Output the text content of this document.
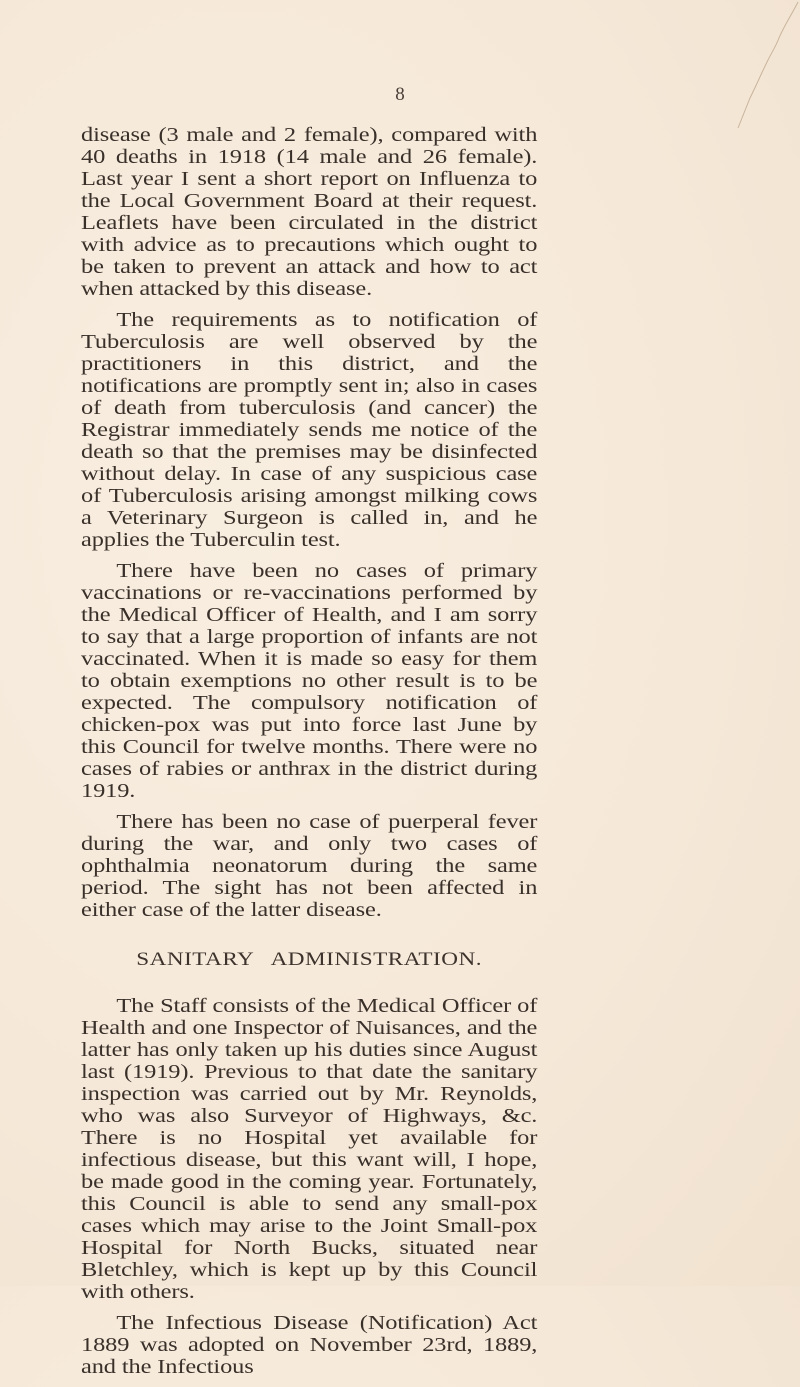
8

disease (3 male and 2 female), compared with 40 deaths in 1918 (14 male and 26 female). Last year I sent a short report on Influenza to the Local Government Board at their request. Leaflets have been circulated in the district with advice as to precautions which ought to be taken to prevent an attack and how to act when attacked by this disease.

The requirements as to notification of Tuberculosis are well observed by the practitioners in this district, and the notifications are promptly sent in; also in cases of death from tuberculosis (and cancer) the Registrar immediately sends me notice of the death so that the premises may be disinfected without delay. In case of any suspicious case of Tuberculosis arising amongst milking cows a Veterinary Surgeon is called in, and he applies the Tuberculin test.

There have been no cases of primary vaccinations or re-vaccinations performed by the Medical Officer of Health, and I am sorry to say that a large proportion of infants are not vaccinated. When it is made so easy for them to obtain exemptions no other result is to be expected. The compulsory notification of chicken-pox was put into force last June by this Council for twelve months. There were no cases of rabies or anthrax in the district during 1919.

There has been no case of puerperal fever during the war, and only two cases of ophthalmia neonatorum during the same period. The sight has not been affected in either case of the latter disease.

SANITARY ADMINISTRATION.

The Staff consists of the Medical Officer of Health and one Inspector of Nuisances, and the latter has only taken up his duties since August last (1919). Previous to that date the sanitary inspection was carried out by Mr. Reynolds, who was also Surveyor of Highways, &c. There is no Hospital yet available for infectious disease, but this want will, I hope, be made good in the coming year. Fortunately, this Council is able to send any small-pox cases which may arise to the Joint Small-pox Hospital for North Bucks, situated near Bletchley, which is kept up by this Council with others.

The Infectious Disease (Notification) Act 1889 was adopted on November 23rd, 1889, and the Infectious
